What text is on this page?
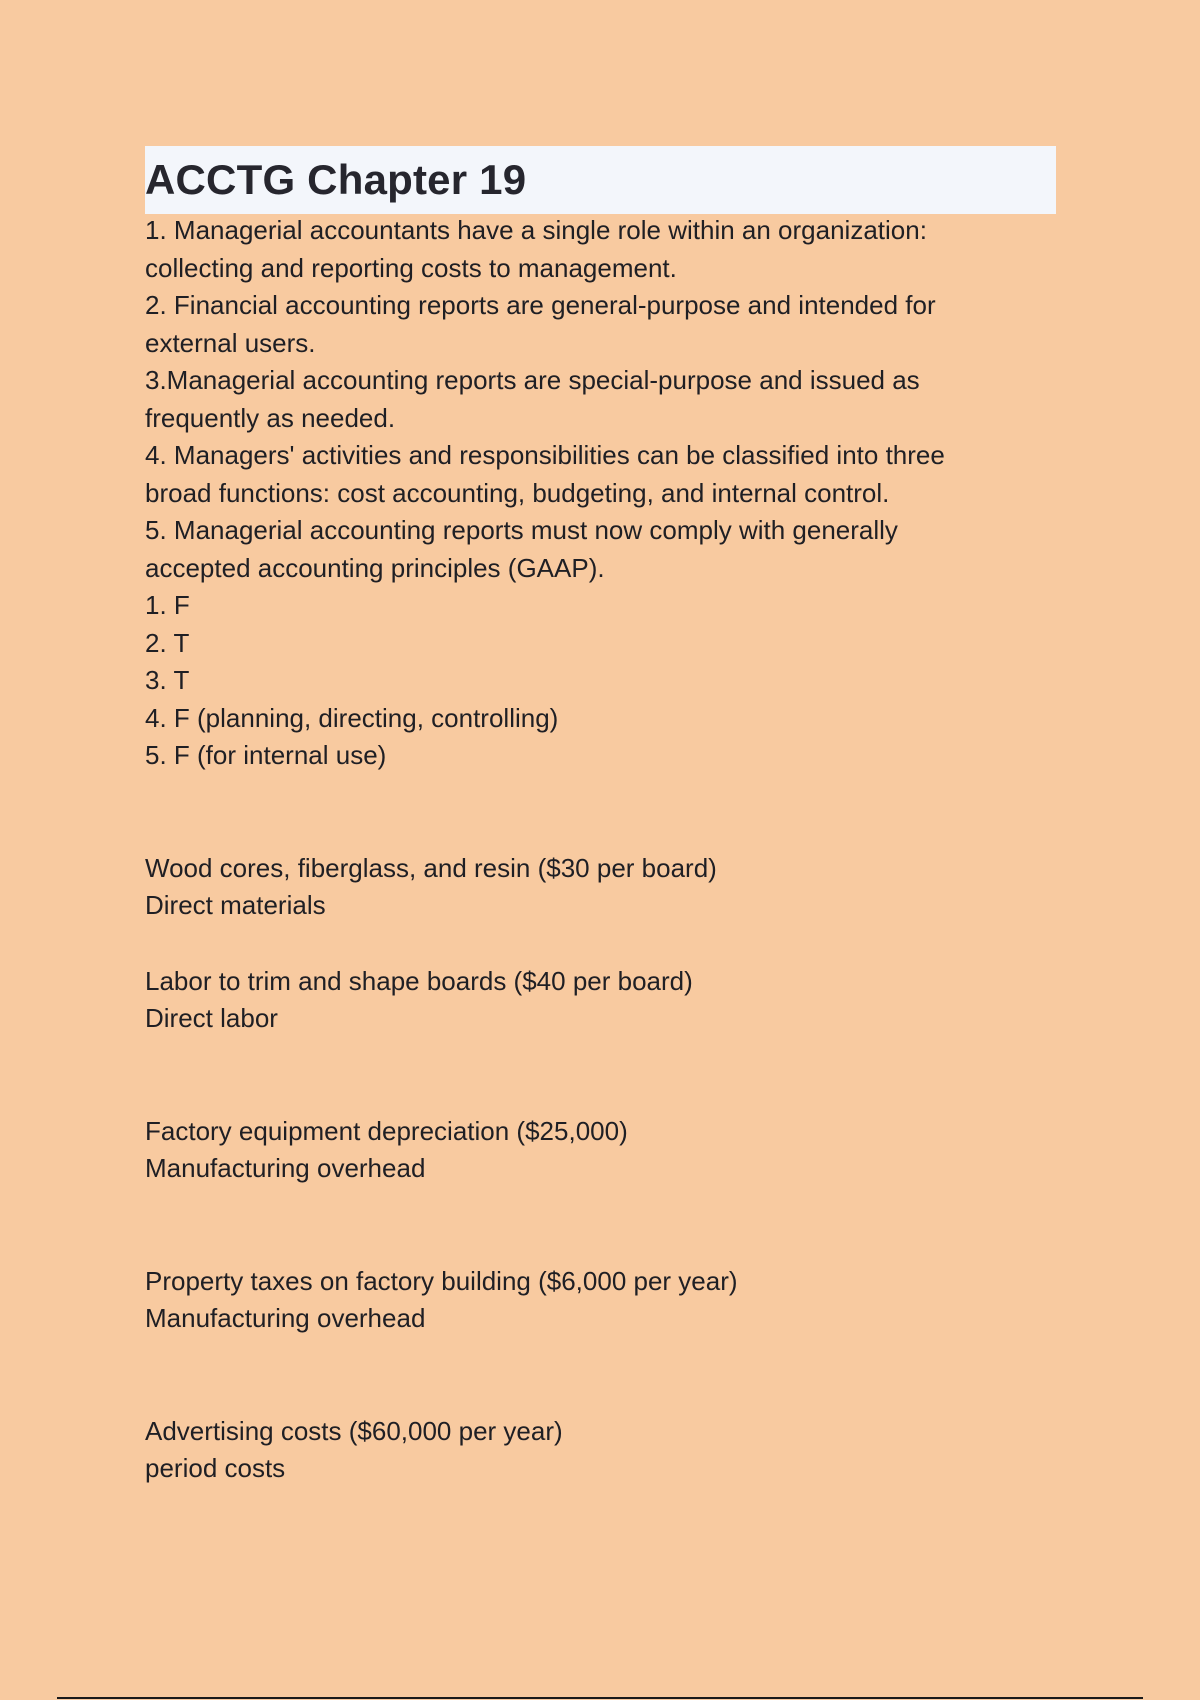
ACCTG Chapter 19
1. Managerial accountants have a single role within an organization:
collecting and reporting costs to management.
2. Financial accounting reports are general-purpose and intended for
external users.
3.Managerial accounting reports are special-purpose and issued as
frequently as needed.
4. Managers' activities and responsibilities can be classified into three
broad functions: cost accounting, budgeting, and internal control.
5. Managerial accounting reports must now comply with generally
accepted accounting principles (GAAP).
1. F
2. T
3. T
4. F (planning, directing, controlling)
5. F (for internal use)
Wood cores, fiberglass, and resin ($30 per board)
Direct materials
Labor to trim and shape boards ($40 per board)
Direct labor
Factory equipment depreciation ($25,000)
Manufacturing overhead
Property taxes on factory building ($6,000 per year)
Manufacturing overhead
Advertising costs ($60,000 per year)
period costs
